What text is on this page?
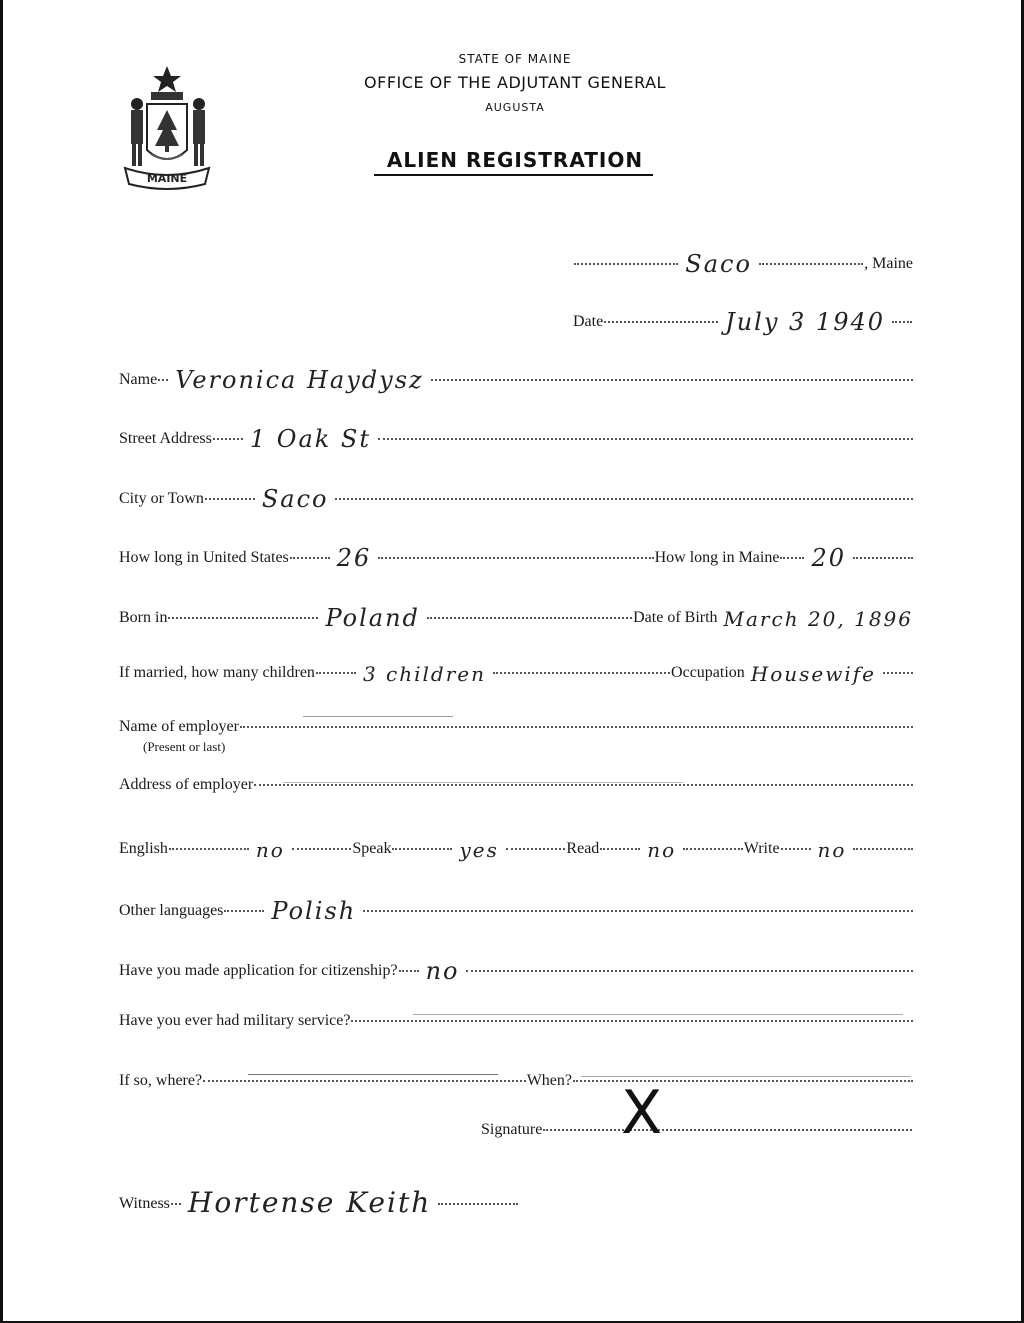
MAINE
STATE OF MAINE
OFFICE OF THE ADJUTANT GENERAL
AUGUSTA
ALIEN REGISTRATION
Saco	, Maine
Date	July 3 1940
Name Veronica Haydysz
Street Address 1 Oak St
City or Town Saco
How long in United States 26	How long in Maine 20
Born in	Poland	Date of Birth March 20, 1896
If married, how many children	3 children	Occupation Housewife
Name of employer
(Present or last)
Address of employer
English	no	Speak	yes	Read	no	Write	no
Other languages Polish
Have you made application for citizenship? no
Have you ever had military service?
If so, where?	When?
Signature X
Witness Hortense Keith
